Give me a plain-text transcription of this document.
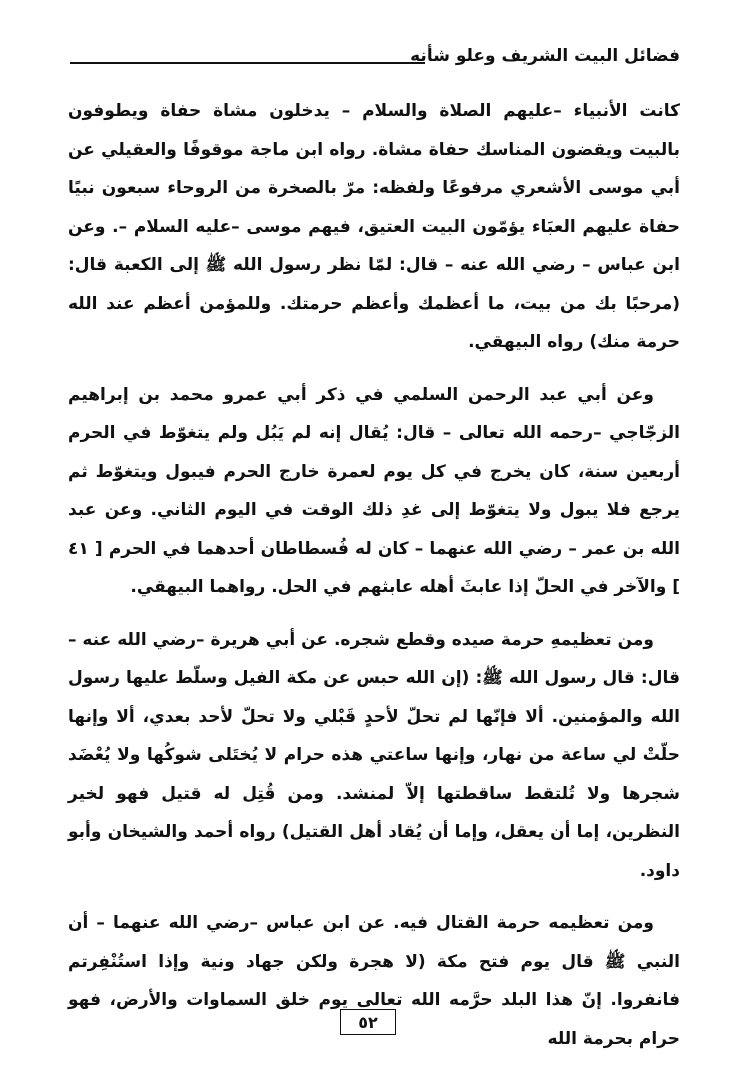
فضائل البيت الشريف وعلو شأنه

كانت الأنبياء –عليهم الصلاة والسلام – يدخلون مشاة حفاة ويطوفون بالبيت ويقضون المناسك حفاة مشاة. رواه ابن ماجة موقوفًا والعقيلي عن أبي موسى الأشعري مرفوعًا ولفظه: مرّ بالصخرة من الروحاء سبعون نبيًا حفاة عليهم العبَاء يؤمّون البيت العتيق، فيهم موسى –عليه السلام –. وعن ابن عباس – رضي الله عنه – قال: لمّا نظر رسول الله ﷺ إلى الكعبة قال: (مرحبًا بك من بيت، ما أعظمك وأعظم حرمتك. وللمؤمن أعظم عند الله حرمة منك) رواه البيهقي.

وعن أبي عبد الرحمن السلمي في ذكر أبي عمرو محمد بن إبراهيم الزجّاجي –رحمه الله تعالى – قال: يُقال إنه لم يَبُل ولم يتغوّط في الحرم أربعين سنة، كان يخرج في كل يوم لعمرة خارج الحرم فيبول ويتغوّط ثم يرجع فلا يبول ولا يتغوّط إلى غدِ ذلك الوقت في اليوم الثاني. وعن عبد الله بن عمر – رضي الله عنهما – كان له فُسطاطان أحدهما في الحرم [ ٤١ ] والآخر في الحلّ إذا عابثَ أهله عابثهم في الحل. رواهما البيهقي.

ومن تعظيمهِ حرمة صيده وقطع شجره. عن أبي هريرة –رضي الله عنه – قال: قال رسول الله ﷺ: (إن الله حبس عن مكة الفيل وسلّط عليها رسول الله والمؤمنين. ألا فإنّها لم تحلّ لأحدٍ قَبْلي ولا تحلّ لأحد بعدي، ألا وإنها حلّتْ لي ساعة من نهار، وإنها ساعتي هذه حرام لا يُختَلى شوكُها ولا يُعْضَد شجرها ولا تُلتقط ساقطتها إلاّ لمنشد. ومن قُتِل له قتيل فهو لخير النظرين، إما أن يعقل، وإما أن يُقاد أهل القتيل) رواه أحمد والشيخان وأبو داود.

ومن تعظيمه حرمة القتال فيه. عن ابن عباس –رضي الله عنهما – أن النبي ﷺ قال يوم فتح مكة (لا هجرة ولكن جهاد ونية وإذا استُنْفِرتم فانفروا. إنّ هذا البلد حرَّمه الله تعالى يوم خلق السماوات والأرض، فهو حرام بحرمة الله

٥٢
